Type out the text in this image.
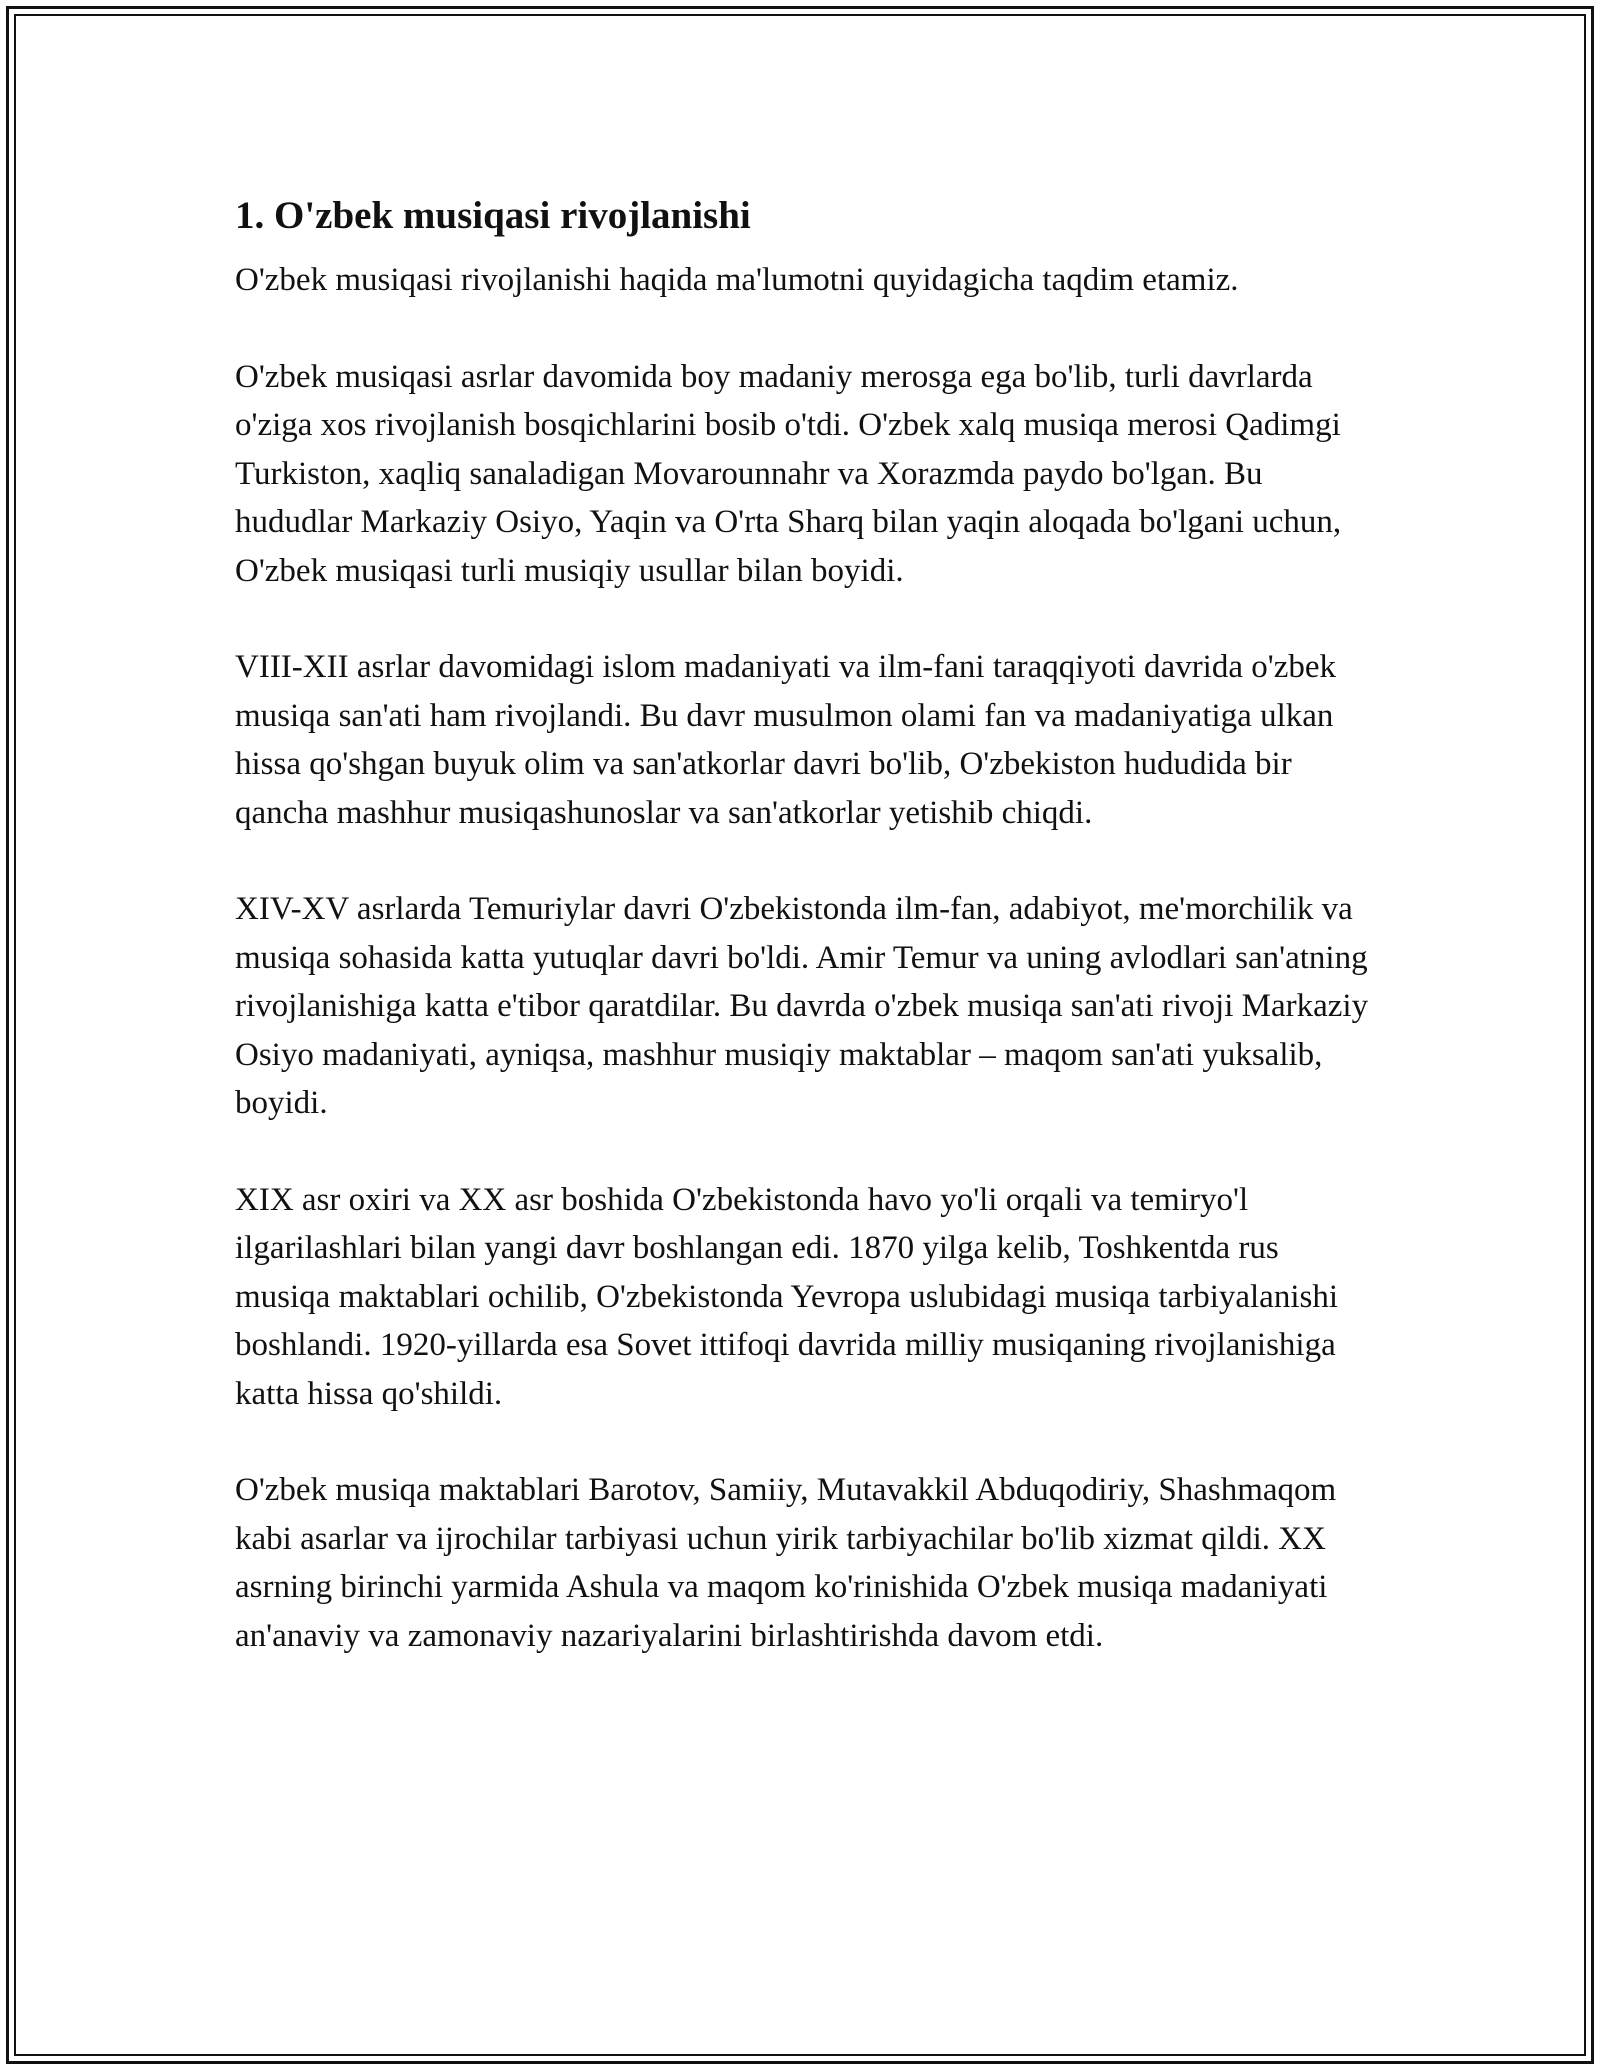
1. O'zbek musiqasi rivojlanishi

O'zbek musiqasi rivojlanishi haqida ma'lumotni quyidagicha taqdim etamiz.

O'zbek musiqasi asrlar davomida boy madaniy merosga ega bo'lib, turli davrlarda o'ziga xos rivojlanish bosqichlarini bosib o'tdi. O'zbek xalq musiqa merosi Qadimgi Turkiston, xaqliq sanaladigan Movarounnahr va Xorazmda paydo bo'lgan. Bu hududlar Markaziy Osiyo, Yaqin va O'rta Sharq bilan yaqin aloqada bo'lgani uchun, O'zbek musiqasi turli musiqiy usullar bilan boyidi.

VIII-XII asrlar davomidagi islom madaniyati va ilm-fani taraqqiyoti davrida o'zbek musiqa san'ati ham rivojlandi. Bu davr musulmon olami fan va madaniyatiga ulkan hissa qo'shgan buyuk olim va san'atkorlar davri bo'lib, O'zbekiston hududida bir qancha mashhur musiqashunoslar va san'atkorlar yetishib chiqdi.

XIV-XV asrlarda Temuriylar davri O'zbekistonda ilm-fan, adabiyot, me'morchilik va musiqa sohasida katta yutuqlar davri bo'ldi. Amir Temur va uning avlodlari san'atning rivojlanishiga katta e'tibor qaratdilar. Bu davrda o'zbek musiqa san'ati rivoji Markaziy Osiyo madaniyati, ayniqsa, mashhur musiqiy maktablar – maqom san'ati yuksalib, boyidi.

XIX asr oxiri va XX asr boshida O'zbekistonda havo yo'li orqali va temiryo'l ilgarilashlari bilan yangi davr boshlangan edi. 1870 yilga kelib, Toshkentda rus musiqa maktablari ochilib, O'zbekistonda Yevropa uslubidagi musiqa tarbiyalanishi boshlandi. 1920-yillarda esa Sovet ittifoqi davrida milliy musiqaning rivojlanishiga katta hissa qo'shildi.

O'zbek musiqa maktablari Barotov, Samiiy, Mutavakkil Abduqodiriy, Shashmaqom kabi asarlar va ijrochilar tarbiyasi uchun yirik tarbiyachilar bo'lib xizmat qildi. XX asrning birinchi yarmida Ashula va maqom ko'rinishida O'zbek musiqa madaniyati an'anaviy va zamonaviy nazariyalarini birlashtirishda davom etdi.
